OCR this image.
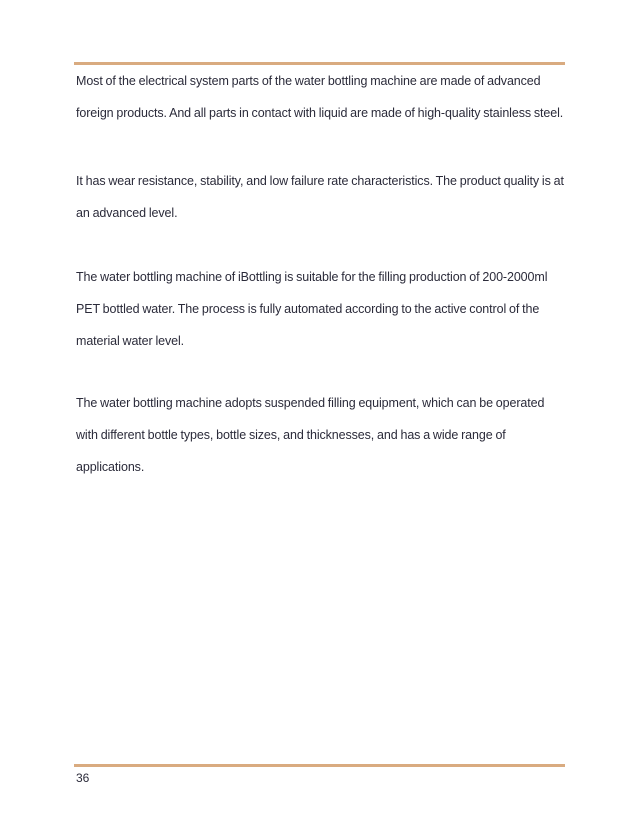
Most of the electrical system parts of the water bottling machine are made of advanced foreign products. And all parts in contact with liquid are made of high-quality stainless steel.

It has wear resistance, stability, and low failure rate characteristics. The product quality is at an advanced level.

The water bottling machine of iBottling is suitable for the filling production of 200-2000ml PET bottled water. The process is fully automated according to the active control of the material water level.

The water bottling machine adopts suspended filling equipment, which can be operated with different bottle types, bottle sizes, and thicknesses, and has a wide range of applications.

36
